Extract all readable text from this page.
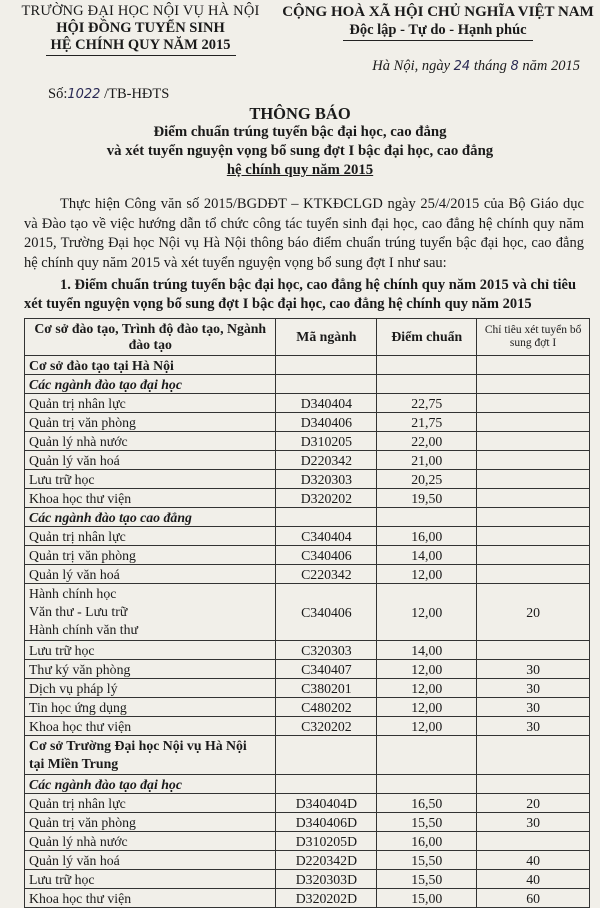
TRƯỜNG ĐẠI HỌC NỘI VỤ HÀ NỘI
HỘI ĐỒNG TUYỂN SINH
HỆ CHÍNH QUY NĂM 2015
CỘNG HOÀ XÃ HỘI CHỦ NGHĨA VIỆT NAM
Độc lập - Tự do - Hạnh phúc
Hà Nội, ngày 24 tháng 8 năm 2015
Số:1022 /TB-HĐTS
THÔNG BÁO
Điểm chuẩn trúng tuyển bậc đại học, cao đẳng
và xét tuyển nguyện vọng bổ sung đợt I bậc đại học, cao đẳng
hệ chính quy năm 2015
Thực hiện Công văn số 2015/BGDĐT – KTKĐCLGD ngày 25/4/2015 của Bộ Giáo dục và Đào tạo về việc hướng dẫn tổ chức công tác tuyển sinh đại học, cao đẳng hệ chính quy năm 2015, Trường Đại học Nội vụ Hà Nội thông báo điểm chuẩn trúng tuyển bậc đại học, cao đẳng hệ chính quy năm 2015 và xét tuyển nguyện vọng bổ sung đợt I như sau:
1. Điểm chuẩn trúng tuyển bậc đại học, cao đẳng hệ chính quy năm 2015 và chỉ tiêu xét tuyển nguyện vọng bổ sung đợt I bậc đại học, cao đẳng hệ chính quy năm 2015
Cơ sở đào tạo, Trình độ đào tạo, Ngành đào tạo	Mã ngành	Điểm chuẩn	Chỉ tiêu xét tuyển bổ sung đợt I
Cơ sở đào tạo tại Hà Nội			
Các ngành đào tạo đại học			
Quản trị nhân lực	D340404	22,75	
Quản trị văn phòng	D340406	21,75	
Quản lý nhà nước	D310205	22,00	
Quản lý văn hoá	D220342	21,00	
Lưu trữ học	D320303	20,25	
Khoa học thư viện	D320202	19,50	
Các ngành đào tạo cao đẳng			
Quản trị nhân lực	C340404	16,00	
Quản trị văn phòng	C340406	14,00	
Quản lý văn hoá	C220342	12,00	

Hành chính học
Văn thư - Lưu trữ
Hành chính văn thư	C340406	12,00	20
Lưu trữ học	C320303	14,00	
Thư ký văn phòng	C340407	12,00	30
Dịch vụ pháp lý	C380201	12,00	30
Tin học ứng dụng	C480202	12,00	30
Khoa học thư viện	C320202	12,00	30

Cơ sở Trường Đại học Nội vụ Hà Nội
tại Miền Trung			

Các ngành đào tạo đại học			
Quản trị nhân lực	D340404D	16,50	20
Quản trị văn phòng	D340406D	15,50	30
Quản lý nhà nước	D310205D	16,00	
Quản lý văn hoá	D220342D	15,50	40
Lưu trữ học	D320303D	15,50	40
Khoa học thư viện	D320202D	15,00	60
